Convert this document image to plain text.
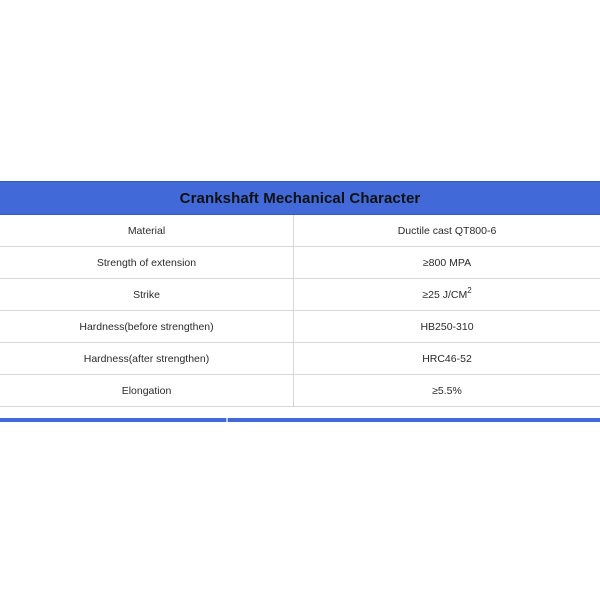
Crankshaft Mechanical Character
Material	Ductile cast QT800-6
Strength of extension	≥800 MPA
Strike	≥25 J/CM 2
Hardness(before strengthen)	HB250-310
Hardness(after strengthen)	HRC46-52
Elongation	≥5.5%
